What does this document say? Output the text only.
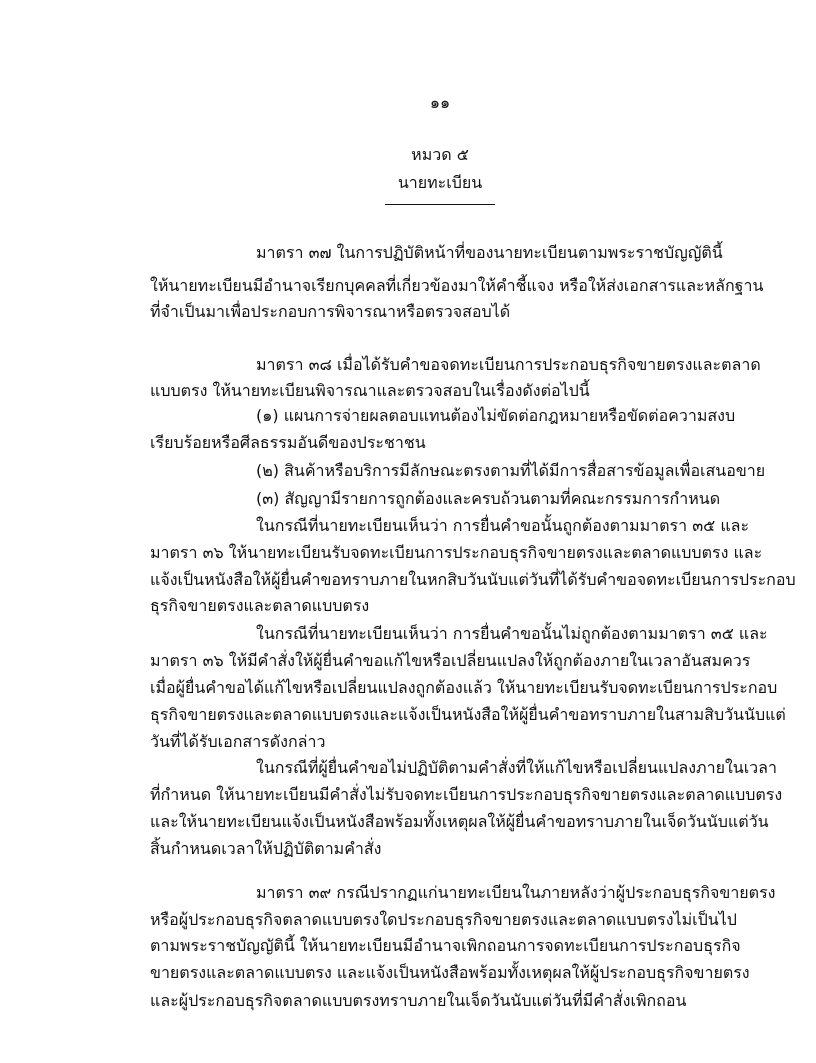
๑๑
หมวด ๕
นายทะเบียน
มาตรา ๓๗ ในการปฏิบัติหน้าที่ของนายทะเบียนตามพระราชบัญญัตินี้
ให้นายทะเบียนมีอำนาจเรียกบุคคลที่เกี่ยวข้องมาให้คำชี้แจง หรือให้ส่งเอกสารและหลักฐาน
ที่จำเป็นมาเพื่อประกอบการพิจารณาหรือตรวจสอบได้
มาตรา ๓๘ เมื่อได้รับคำขอจดทะเบียนการประกอบธุรกิจขายตรงและตลาด
แบบตรง ให้นายทะเบียนพิจารณาและตรวจสอบในเรื่องดังต่อไปนี้
(๑) แผนการจ่ายผลตอบแทนต้องไม่ขัดต่อกฎหมายหรือขัดต่อความสงบ
เรียบร้อยหรือศีลธรรมอันดีของประชาชน
(๒) สินค้าหรือบริการมีลักษณะตรงตามที่ได้มีการสื่อสารข้อมูลเพื่อเสนอขาย
(๓) สัญญามีรายการถูกต้องและครบถ้วนตามที่คณะกรรมการกำหนด
ในกรณีที่นายทะเบียนเห็นว่า การยื่นคำขอนั้นถูกต้องตามมาตรา ๓๕ และ
มาตรา ๓๖ ให้นายทะเบียนรับจดทะเบียนการประกอบธุรกิจขายตรงและตลาดแบบตรง และ
แจ้งเป็นหนังสือให้ผู้ยื่นคำขอทราบภายในหกสิบวันนับแต่วันที่ได้รับคำขอจดทะเบียนการประกอบ
ธุรกิจขายตรงและตลาดแบบตรง
ในกรณีที่นายทะเบียนเห็นว่า การยื่นคำขอนั้นไม่ถูกต้องตามมาตรา ๓๕ และ
มาตรา ๓๖ ให้มีคำสั่งให้ผู้ยื่นคำขอแก้ไขหรือเปลี่ยนแปลงให้ถูกต้องภายในเวลาอันสมควร
เมื่อผู้ยื่นคำขอได้แก้ไขหรือเปลี่ยนแปลงถูกต้องแล้ว ให้นายทะเบียนรับจดทะเบียนการประกอบ
ธุรกิจขายตรงและตลาดแบบตรงและแจ้งเป็นหนังสือให้ผู้ยื่นคำขอทราบภายในสามสิบวันนับแต่
วันที่ได้รับเอกสารดังกล่าว
ในกรณีที่ผู้ยื่นคำขอไม่ปฏิบัติตามคำสั่งที่ให้แก้ไขหรือเปลี่ยนแปลงภายในเวลา
ที่กำหนด ให้นายทะเบียนมีคำสั่งไม่รับจดทะเบียนการประกอบธุรกิจขายตรงและตลาดแบบตรง
และให้นายทะเบียนแจ้งเป็นหนังสือพร้อมทั้งเหตุผลให้ผู้ยื่นคำขอทราบภายในเจ็ดวันนับแต่วัน
สิ้นกำหนดเวลาให้ปฏิบัติตามคำสั่ง
มาตรา ๓๙ กรณีปรากฏแก่นายทะเบียนในภายหลังว่าผู้ประกอบธุรกิจขายตรง
หรือผู้ประกอบธุรกิจตลาดแบบตรงใดประกอบธุรกิจขายตรงและตลาดแบบตรงไม่เป็นไป
ตามพระราชบัญญัตินี้ ให้นายทะเบียนมีอำนาจเพิกถอนการจดทะเบียนการประกอบธุรกิจ
ขายตรงและตลาดแบบตรง และแจ้งเป็นหนังสือพร้อมทั้งเหตุผลให้ผู้ประกอบธุรกิจขายตรง
และผู้ประกอบธุรกิจตลาดแบบตรงทราบภายในเจ็ดวันนับแต่วันที่มีคำสั่งเพิกถอน
